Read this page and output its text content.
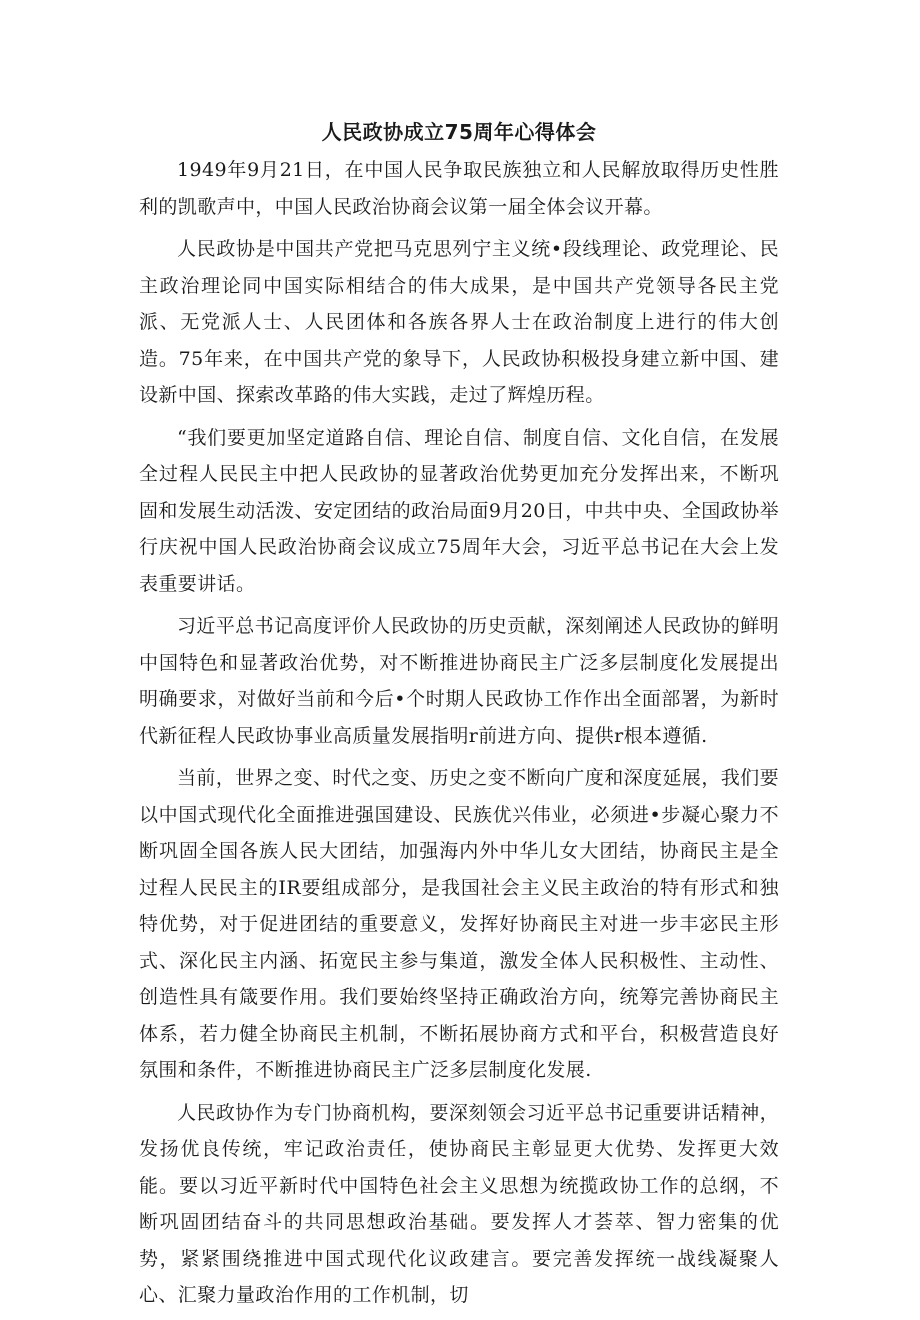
人民政协成立75周年心得体会

1949年9月21日，在中国人民争取民族独立和人民解放取得历史性胜利的凯歌声中，中国人民政治协商会议第一届全体会议开幕。

人民政协是中国共产党把马克思列宁主义统•段线理论、政党理论、民主政治理论同中国实际相结合的伟大成果，是中国共产党领导各民主党派、无党派人士、人民团体和各族各界人士在政治制度上进行的伟大创造。75年来，在中国共产党的象导下，人民政协积极投身建立新中国、建设新中国、探索改革路的伟大实践，走过了辉煌历程。

“我们要更加坚定道路自信、理论自信、制度自信、文化自信，在发展全过程人民民主中把人民政协的显著政治优势更加充分发挥出来，不断巩固和发展生动活泼、安定团结的政治局面9月20日，中共中央、全国政协举行庆祝中国人民政治协商会议成立75周年大会，习近平总书记在大会上发表重要讲话。

习近平总书记高度评价人民政协的历史贡献，深刻阐述人民政协的鲜明中国特色和显著政治优势，对不断推进协商民主广泛多层制度化发展提出明确要求，对做好当前和今后•个时期人民政协工作作出全面部署，为新时代新征程人民政协事业高质量发展指明r前进方向、提供r根本遵循.

当前，世界之变、时代之变、历史之变不断向广度和深度延展，我们要以中国式现代化全面推进强国建设、民族优兴伟业，必须进•步凝心聚力不断巩固全国各族人民大团结，加强海内外中华儿女大团结，协商民主是全过程人民民主的IR要组成部分，是我国社会主义民主政治的特有形式和独特优势，对于促进团结的重要意义，发挥好协商民主对进一步丰宓民主形式、深化民主内涵、拓宽民主参与集道，激发全体人民积极性、主动性、创造性具有箴要作用。我们要始终坚持正确政治方向，统筹完善协商民主体系，若力健全协商民主机制，不断拓展协商方式和平台，积极营造良好氛围和条件，不断推进协商民主广泛多层制度化发展.

人民政协作为专门协商机构，要深刻领会习近平总书记重要讲话精神，发扬优良传统，牢记政治责任，使协商民主彰显更大优势、发挥更大效能。要以习近平新时代中国特色社会主义思想为统揽政协工作的总纲，不断巩固团结奋斗的共同思想政治基础。要发挥人才荟萃、智力密集的优势，紧紧围绕推进中国式现代化议政建言。要完善发挥统一战线凝聚人心、汇聚力量政治作用的工作机制，切
